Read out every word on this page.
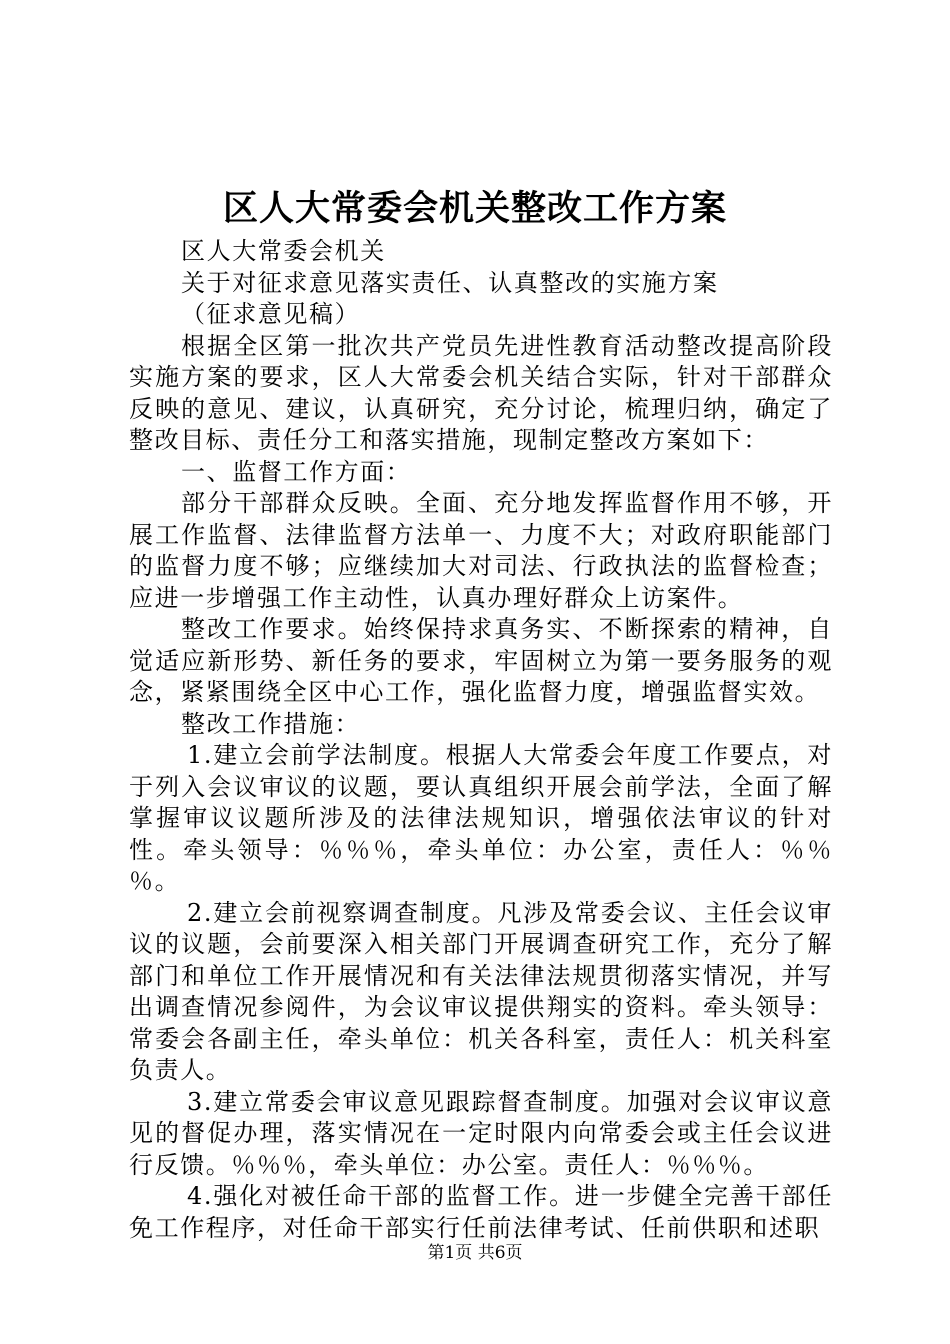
区人大常委会机关整改工作方案

区人大常委会机关

关于对征求意见落实责任、认真整改的实施方案

（征求意见稿）

根据全区第一批次共产党员先进性教育活动整改提高阶段实施方案的要求，区人大常委会机关结合实际，针对干部群众反映的意见、建议，认真研究，充分讨论，梳理归纳，确定了整改目标、责任分工和落实措施，现制定整改方案如下：

一、监督工作方面：

部分干部群众反映。全面、充分地发挥监督作用不够，开展工作监督、法律监督方法单一、力度不大；对政府职能部门的监督力度不够；应继续加大对司法、行政执法的监督检查；应进一步增强工作主动性，认真办理好群众上访案件。

整改工作要求。始终保持求真务实、不断探索的精神，自觉适应新形势、新任务的要求，牢固树立为第一要务服务的观念，紧紧围绕全区中心工作，强化监督力度，增强监督实效。

整改工作措施：

1.建立会前学法制度。根据人大常委会年度工作要点，对于列入会议审议的议题，要认真组织开展会前学法，全面了解掌握审议议题所涉及的法律法规知识，增强依法审议的针对性。牵头领导：％％％，牵头单位：办公室，责任人：％％％。

2.建立会前视察调查制度。凡涉及常委会议、主任会议审议的议题，会前要深入相关部门开展调查研究工作，充分了解部门和单位工作开展情况和有关法律法规贯彻落实情况，并写出调查情况参阅件，为会议审议提供翔实的资料。牵头领导：常委会各副主任，牵头单位：机关各科室，责任人：机关科室负责人。

3.建立常委会审议意见跟踪督查制度。加强对会议审议意见的督促办理，落实情况在一定时限内向常委会或主任会议进行反馈。％％％，牵头单位：办公室。责任人：％％％。

4.强化对被任命干部的监督工作。进一步健全完善干部任免工作程序，对任命干部实行任前法律考试、任前供职和述职

第1页 共6页
